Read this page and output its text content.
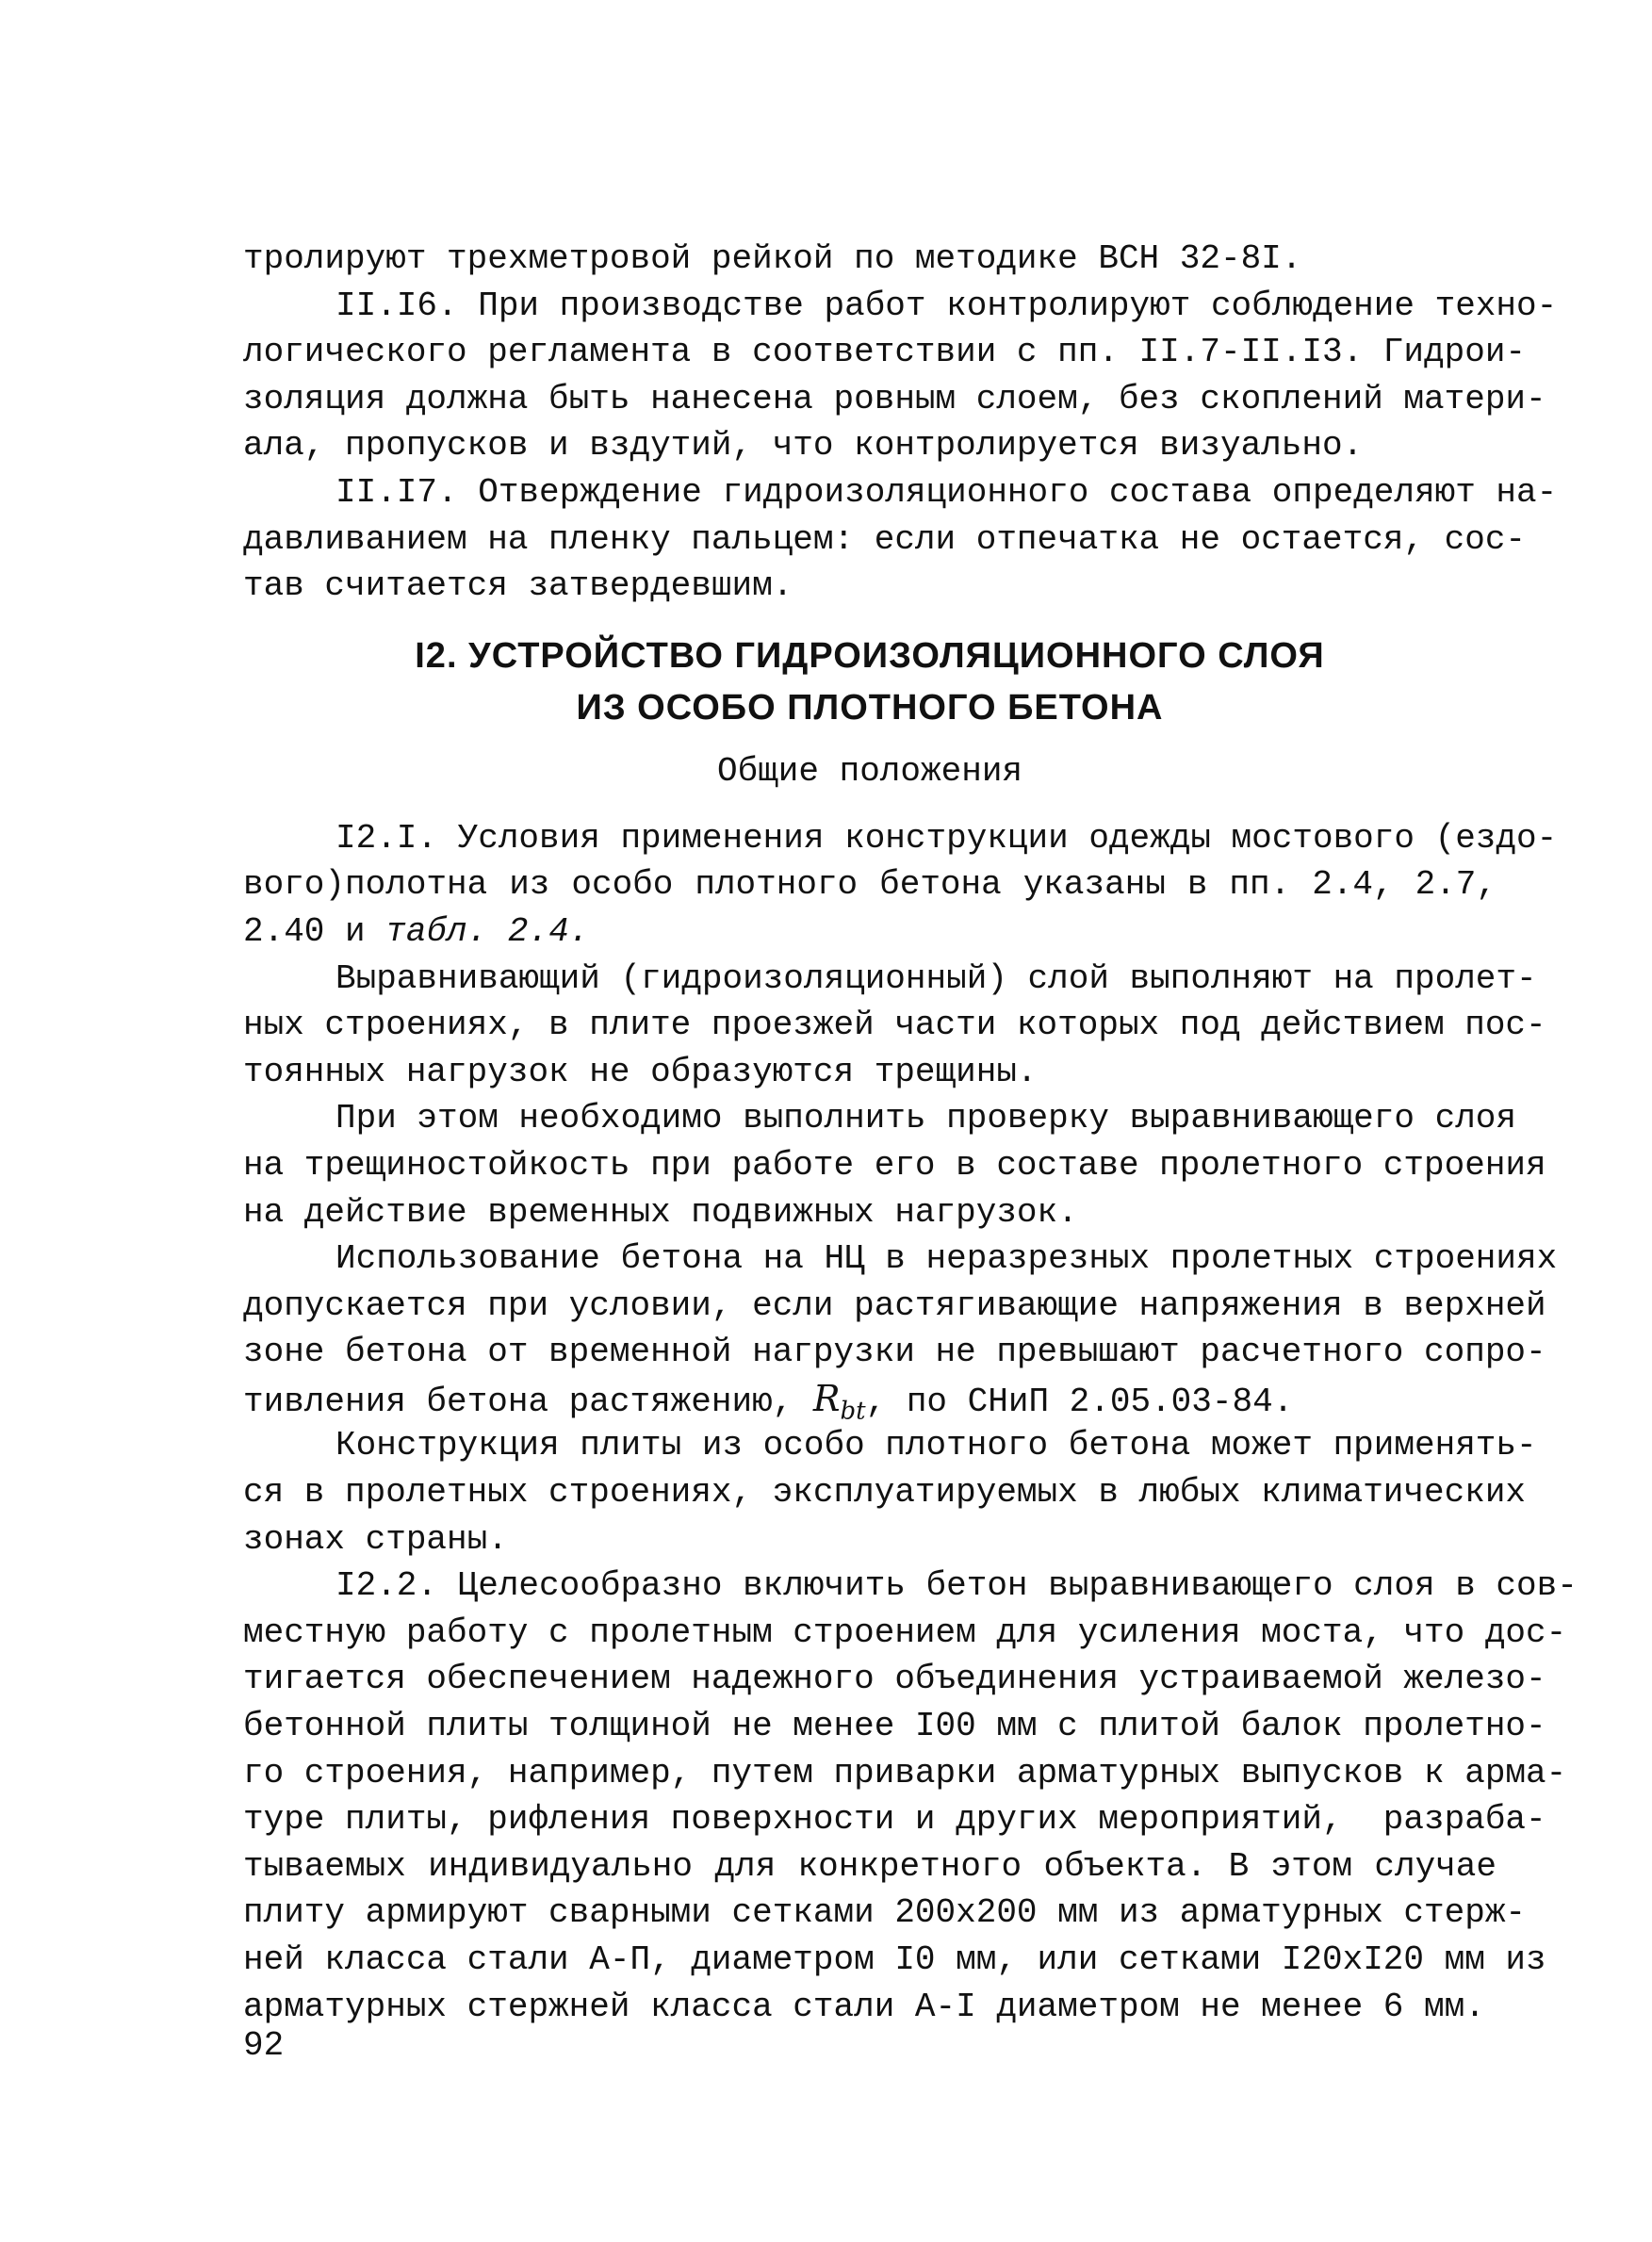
тролируют трехметровой рейкой по методике ВСН 32-8I.
II.I6. При производстве работ контролируют соблюдение техно-
логического регламента в соответствии с пп. II.7-II.I3. Гидрои-
золяция должна быть нанесена ровным слоем, без скоплений матери-
ала, пропусков и вздутий, что контролируется визуально.
II.I7. Отверждение гидроизоляционного состава определяют на-
давливанием на пленку пальцем: если отпечатка не остается, сос-
тав считается затвердевшим.
I2. УСТРОЙСТВО ГИДРОИЗОЛЯЦИОННОГО СЛОЯ
ИЗ ОСОБО ПЛОТНОГО БЕТОНА
Общие положения
I2.I. Условия применения конструкции одежды мостового (ездо-
вого)полотна из особо плотного бетона указаны в пп. 2.4, 2.7,
2.40 и табл. 2.4.
Выравнивающий (гидроизоляционный) слой выполняют на пролет-
ных строениях, в плите проезжей части которых под действием пос-
тоянных нагрузок не образуются трещины.
При этом необходимо выполнить проверку выравнивающего слоя
на трещиностойкость при работе его в составе пролетного строения
на действие временных подвижных нагрузок.
Использование бетона на НЦ в неразрезных пролетных строениях
допускается при условии, если растягивающие напряжения в верхней
зоне бетона от временной нагрузки не превышают расчетного сопро-
тивления бетона растяжению, $R_{bt}$, по СНиП 2.05.03-84.
Конструкция плиты из особо плотного бетона может применять-
ся в пролетных строениях, эксплуатируемых в любых климатических
зонах страны.
I2.2. Целесообразно включить бетон выравнивающего слоя в сов-
местную работу с пролетным строением для усиления моста, что дос-
тигается обеспечением надежного объединения устраиваемой железо-
бетонной плиты толщиной не менее I00 мм с плитой балок пролетно-
го строения, например, путем приварки арматурных выпусков к арма-
туре плиты, рифления поверхности и других мероприятий,  разраба-
тываемых индивидуально для конкретного объекта. В этом случае
плиту армируют сварными сетками 200х200 мм из арматурных стерж-
ней класса стали А-П, диаметром I0 мм, или сетками I20хI20 мм из
арматурных стержней класса стали А-I диаметром не менее 6 мм.
92
